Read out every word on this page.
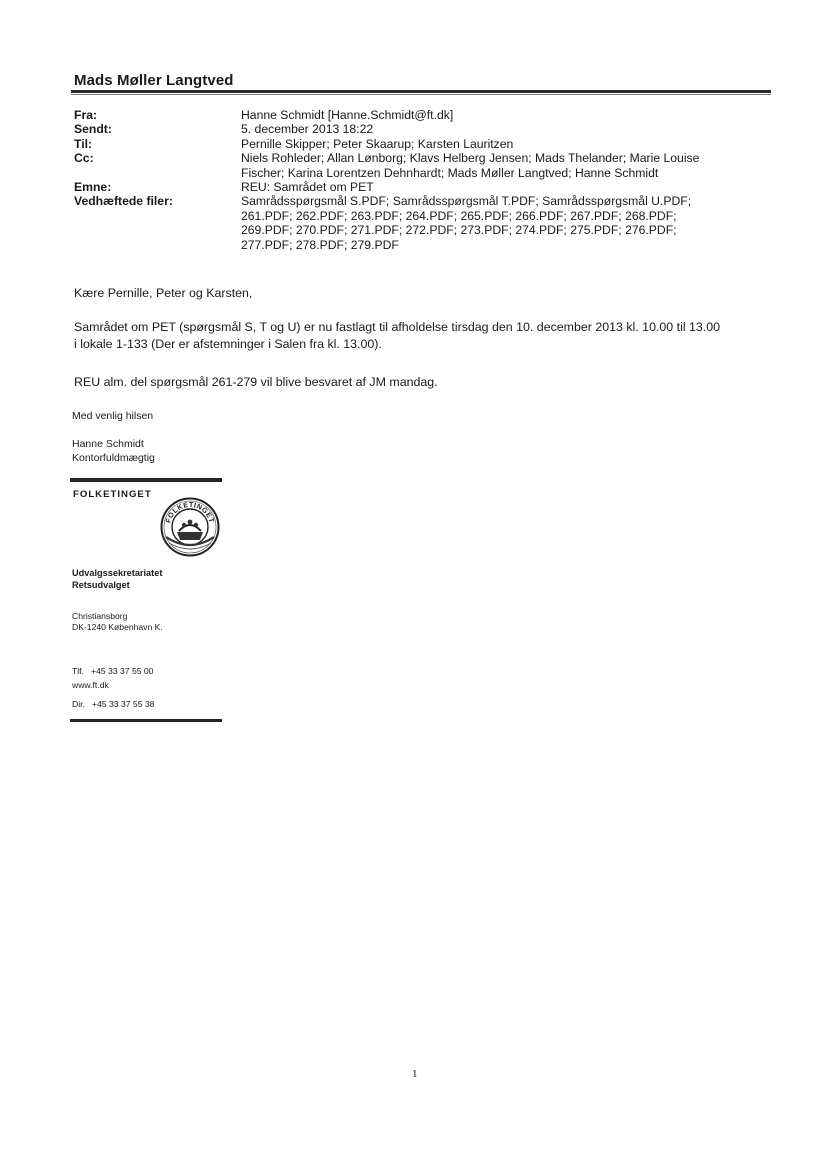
Mads Møller Langtved
Fra:	Hanne Schmidt [Hanne.Schmidt@ft.dk]
Sendt:	5. december 2013 18:22
Til:	Pernille Skipper; Peter Skaarup; Karsten Lauritzen
Cc:	Niels Rohleder; Allan Lønborg; Klavs Helberg Jensen; Mads Thelander; Marie Louise
Fischer; Karina Lorentzen Dehnhardt; Mads Møller Langtved; Hanne Schmidt
Emne:	REU: Samrådet om PET
Vedhæftede filer:	Samrådsspørgsmål S.PDF; Samrådsspørgsmål T.PDF; Samrådsspørgsmål U.PDF;
261.PDF; 262.PDF; 263.PDF; 264.PDF; 265.PDF; 266.PDF; 267.PDF; 268.PDF;
269.PDF; 270.PDF; 271.PDF; 272.PDF; 273.PDF; 274.PDF; 275.PDF; 276.PDF;
277.PDF; 278.PDF; 279.PDF
Kære Pernille, Peter og Karsten,
Samrådet om PET (spørgsmål S, T og U) er nu fastlagt til afholdelse tirsdag den 10. december 2013 kl. 10.00 til 13.00
i lokale 1-133 (Der er afstemninger i Salen fra kl. 13.00).
REU alm. del spørgsmål 261-279 vil blive besvaret af JM mandag.
Med venlig hilsen
Hanne Schmidt
Kontorfuldmægtig
FOLKETINGET
FOLKETINGET
Udvalgssekretariatet
Retsudvalget
Christiansborg
DK-1240 København K.

Tlf.   +45 33 37 55 00

Dir.   +45 33 37 55 38

www.ft.dk
1
